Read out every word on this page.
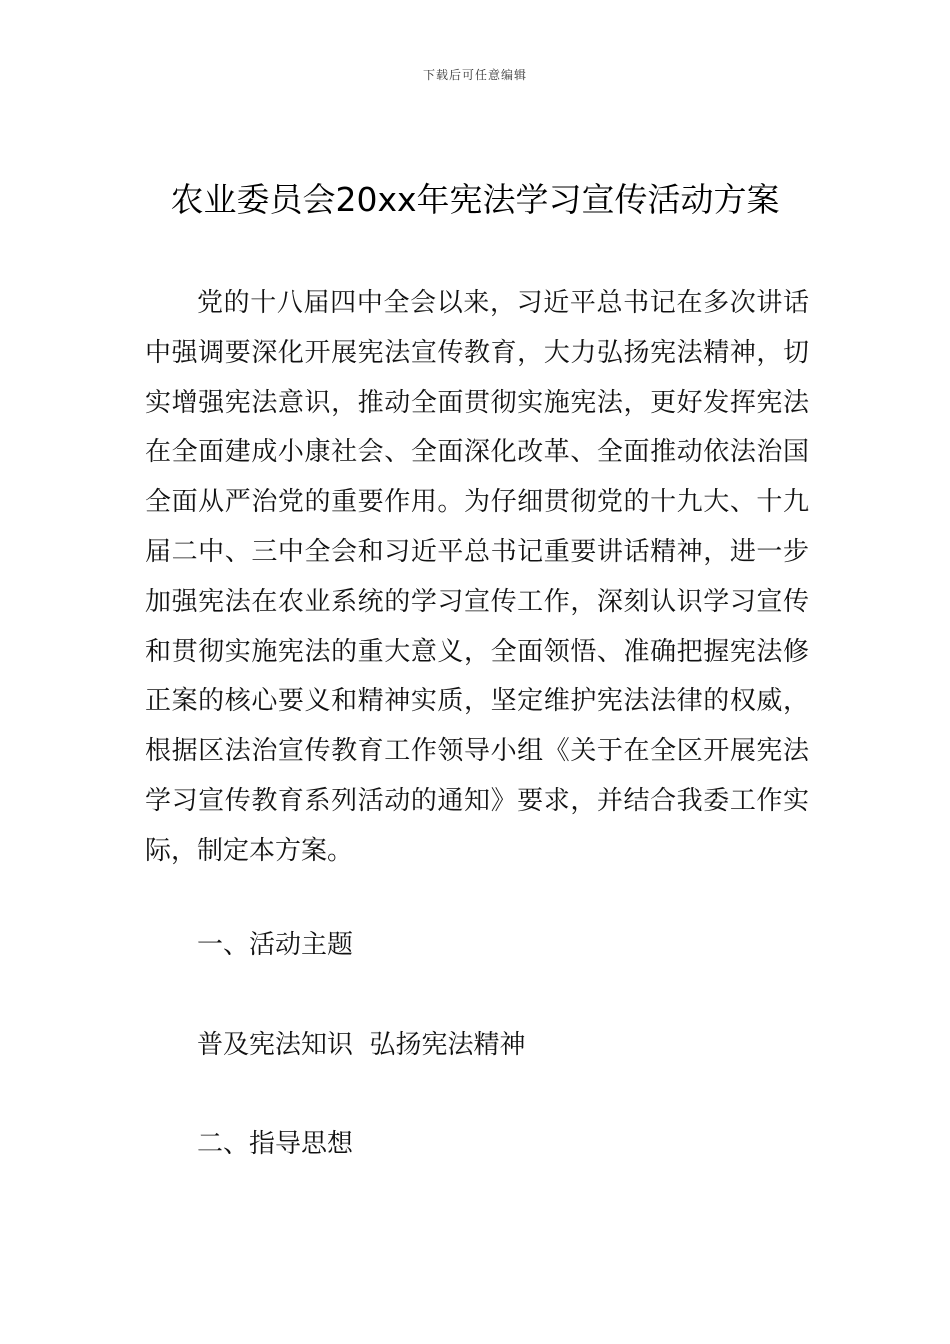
下载后可任意编辑
农业委员会20xx年宪法学习宣传活动方案

党的十八届四中全会以来，习近平总书记在多次讲话中强调要深化开展宪法宣传教育，大力弘扬宪法精神，切实增强宪法意识，推动全面贯彻实施宪法，更好发挥宪法在全面建成小康社会、全面深化改革、全面推动依法治国全面从严治党的重要作用。为仔细贯彻党的十九大、十九届二中、三中全会和习近平总书记重要讲话精神，进一步加强宪法在农业系统的学习宣传工作，深刻认识学习宣传和贯彻实施宪法的重大意义，全面领悟、准确把握宪法修正案的核心要义和精神实质，坚定维护宪法法律的权威，根据区法治宣传教育工作领导小组《关于在全区开展宪法学习宣传教育系列活动的通知》要求，并结合我委工作实际，制定本方案。

一、活动主题
普及宪法知识  弘扬宪法精神
二、指导思想
